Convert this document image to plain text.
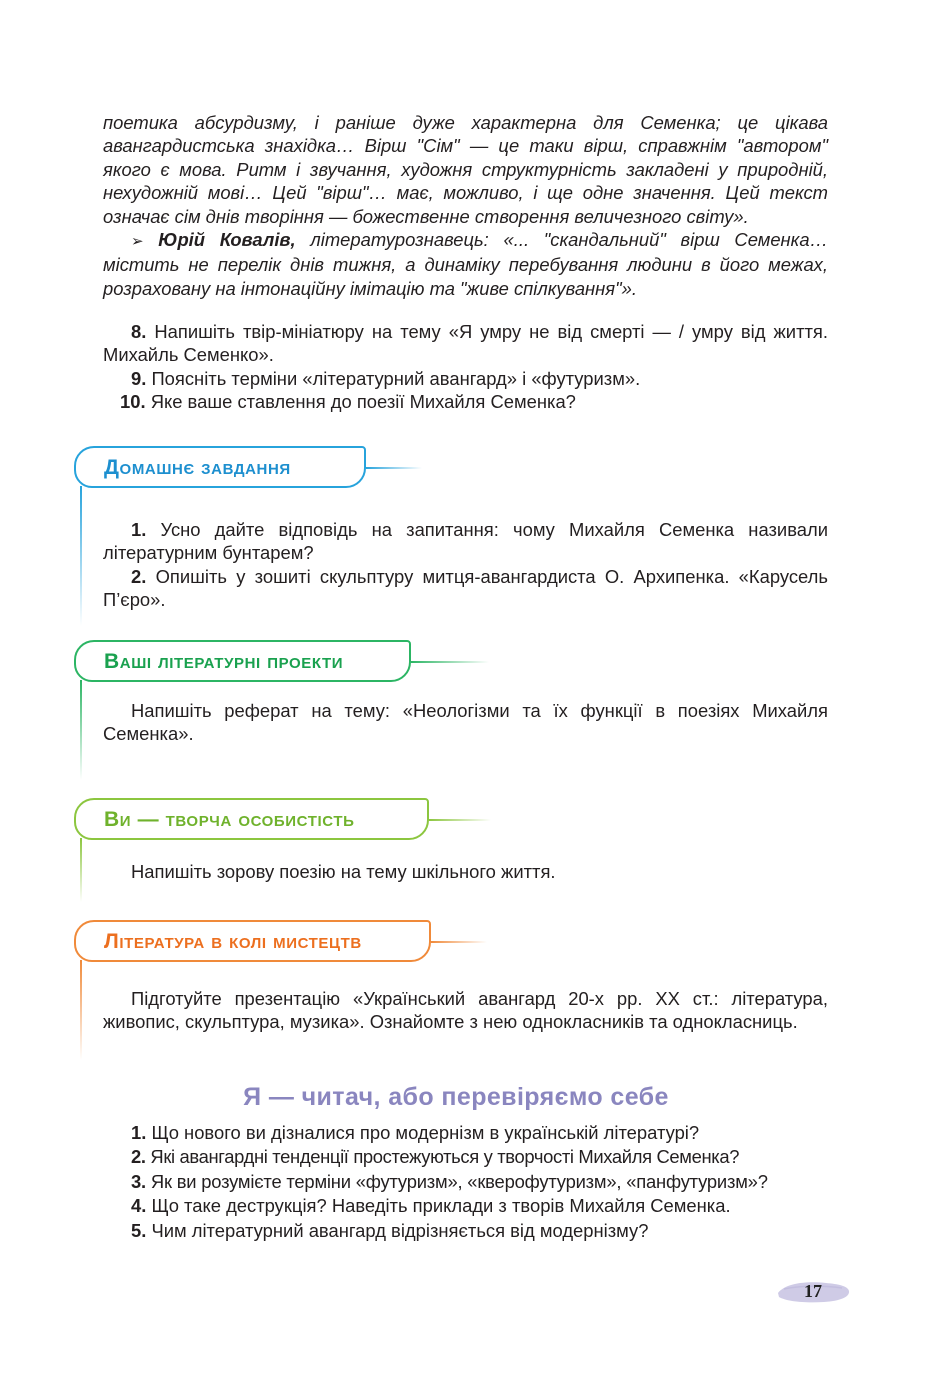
поетика абсурдизму, і раніше дуже характерна для Семенка; це цікава авангардистська знахідка… Вірш "Сім" — це таки вірш, справжнім "автором" якого є мова. Ритм і звучання, художня структурність закладені у природній, нехудожній мові… Цей "вірш"… має, можливо, і ще одне значення. Цей текст означає сім днів творіння — божественне створення величезного світу».

➢ Юрій Ковалів, літературознавець: «... "скандальний" вірш Семенка… містить не перелік днів тижня, а динаміку перебування людини в його межах, розраховану на інтонаційну імітацію та "живе спілкування"».

8. Напишіть твір-мініатюру на тему «Я умру не від смерті — / умру від життя. Михайль Семенко».

9. Поясніть терміни «літературний авангард» і «футуризм».

10. Яке ваше ставлення до поезії Михайля Семенка?

Домашнє завдання

1. Усно дайте відповідь на запитання: чому Михайля Семенка називали літературним бунтарем?

2. Опишіть у зошиті скульптуру митця-авангардиста О. Архипенка. «Карусель П’єро».

Ваші літературні проекти
Напишіть реферат на тему: «Неологізми та їх функції в поезіях Михайля Семенка».
Ви — творча особистість
Напишіть зорову поезію на тему шкільного життя.
Література в колі мистецтв
Підготуйте презентацію «Український авангард 20-х рр. ХХ ст.: література, живопис, скульптура, музика». Ознайомте з нею однокласників та однокласниць.
Я — читач, або перевіряємо себе
1. Що нового ви дізналися про модернізм в українській літературі?
2. Які авангардні тенденції простежуються у творчості Михайля Семенка?
3. Як ви розумієте терміни «футуризм», «кверофутуризм», «панфутуризм»?
4. Що таке деструкція? Наведіть приклади з творів Михайля Семенка.
5. Чим літературний авангард відрізняється від модернізму?
17
